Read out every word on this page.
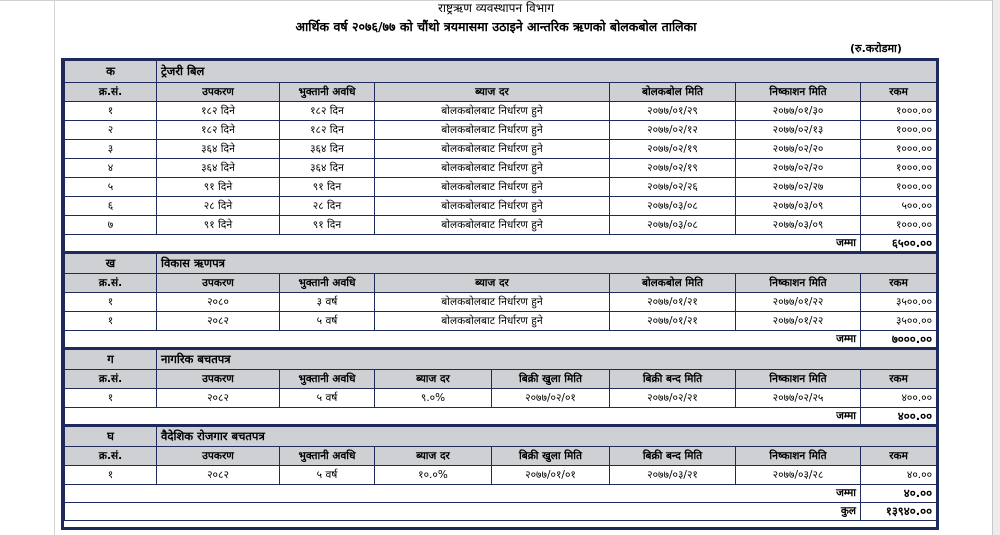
राष्ट्रऋण व्यवस्थापन विभाग
आर्थिक वर्ष २०७६/७७ को चौंथो त्रयमासमा उठाइने आन्तरिक ऋणको बोलकबोल तालिका
(रु.करोडमा)
क	ट्रेजरी बिल						
क्र.सं.	उपकरण	भुक्तानी अवधि	ब्याज दर		बोलकबोल मिति	निष्काशन मिति	रकम
१	१८२ दिने	१८२ दिन	बोलकबोलबाट निर्धारण हुने		२०७७/०१/२९	२०७७/०१/३०	१०००.००
२	१८२ दिने	१८२ दिन	बोलकबोलबाट निर्धारण हुने		२०७७/०२/१२	२०७७/०२/१३	१०००.००
३	३६४ दिने	३६४ दिन	बोलकबोलबाट निर्धारण हुने		२०७७/०२/१९	२०७७/०२/२०	१०००.००
४	३६४ दिने	३६४ दिन	बोलकबोलबाट निर्धारण हुने		२०७७/०२/१९	२०७७/०२/२०	१०००.००
५	९१ दिने	९१ दिन	बोलकबोलबाट निर्धारण हुने		२०७७/०२/२६	२०७७/०२/२७	१०००.००
६	२८ दिने	२८ दिन	बोलकबोलबाट निर्धारण हुने		२०७७/०३/०८	२०७७/०३/०९	५००.००
७	९१ दिने	९१ दिन	बोलकबोलबाट निर्धारण हुने		२०७७/०३/०८	२०७७/०३/०९	१०००.००
						जम्मा	६५००.००
ख	विकास ऋणपत्र						
क्र.सं.	उपकरण	भुक्तानी अवधि	ब्याज दर		बोलकबोल मिति	निष्काशन मिति	रकम
१	२०८०	३ वर्ष	बोलकबोलबाट निर्धारण हुने		२०७७/०१/२१	२०७७/०१/२२	३५००.००
१	२०८२	५ वर्ष	बोलकबोलबाट निर्धारण हुने		२०७७/०१/२१	२०७७/०१/२२	३५००.००
						जम्मा	७०००.००
ग	नागरिक बचतपत्र						
क्र.सं.	उपकरण	भुक्तानी अवधि	ब्याज दर	बिक्री खुला मिति	बिक्री बन्द मिति	निष्काशन मिति	रकम
१	२०८२	५ वर्ष	९.०%	२०७७/०२/०१	२०७७/०२/२१	२०७७/०२/२५	४००.००
						जम्मा	४००.००
घ	वैदेशिक रोजगार बचतपत्र						
क्र.सं.	उपकरण	भुक्तानी अवधि	ब्याज दर	बिक्री खुला मिति	बिक्री बन्द मिति	निष्काशन मिति	रकम
१	२०८२	५ वर्ष	१०.०%	२०७७/०१/०१	२०७७/०३/२१	२०७७/०३/२८	४०.००
						जम्मा	४०.००
						कुल	१३९४०.००
